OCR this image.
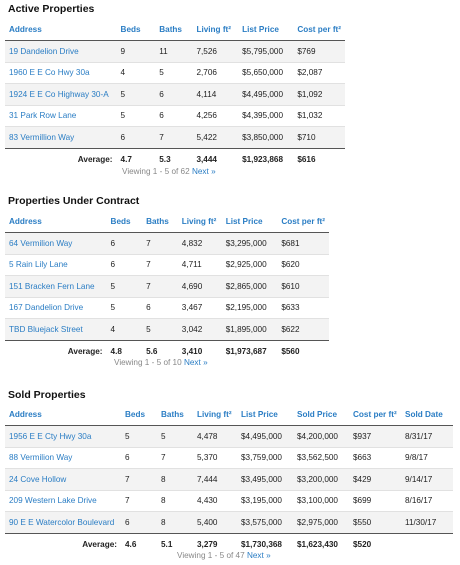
Active Properties
Address	Beds	Baths	Living ft²	List Price	Cost per ft²
19 Dandelion Drive	9	11	7,526	$5,795,000	$769
1960 E E Co Hwy 30a	4	5	2,706	$5,650,000	$2,087
1924 E E Co Highway 30-A	5	6	4,114	$4,495,000	$1,092
31 Park Row Lane	5	6	4,256	$4,395,000	$1,032
83 Vermillion Way	6	7	5,422	$3,850,000	$710
Average:	4.7	5.3	3,444	$1,923,868	$616
Viewing 1 - 5 of 62 Next »
Properties Under Contract
Address	Beds	Baths	Living ft²	List Price	Cost per ft²
64 Vermilion Way	6	7	4,832	$3,295,000	$681
5 Rain Lily Lane	6	7	4,711	$2,925,000	$620
151 Bracken Fern Lane	5	7	4,690	$2,865,000	$610
167 Dandelion Drive	5	6	3,467	$2,195,000	$633
TBD Bluejack Street	4	5	3,042	$1,895,000	$622
Average:	4.8	5.6	3,410	$1,973,687	$560
Viewing 1 - 5 of 10 Next »
Sold Properties
Address	Beds	Baths	Living ft²	List Price	Sold Price	Cost per ft²	Sold Date
1956 E E Cty Hwy 30a	5	5	4,478	$4,495,000	$4,200,000	$937	8/31/17
88 Vermilion Way	6	7	5,370	$3,759,000	$3,562,500	$663	9/8/17
24 Cove Hollow	7	8	7,444	$3,495,000	$3,200,000	$429	9/14/17
209 Western Lake Drive	7	8	4,430	$3,195,000	$3,100,000	$699	8/16/17
90 E E Watercolor Boulevard	6	8	5,400	$3,575,000	$2,975,000	$550	11/30/17
Average:	4.6	5.1	3,279	$1,730,368	$1,623,430	$520	
Viewing 1 - 5 of 47 Next »
